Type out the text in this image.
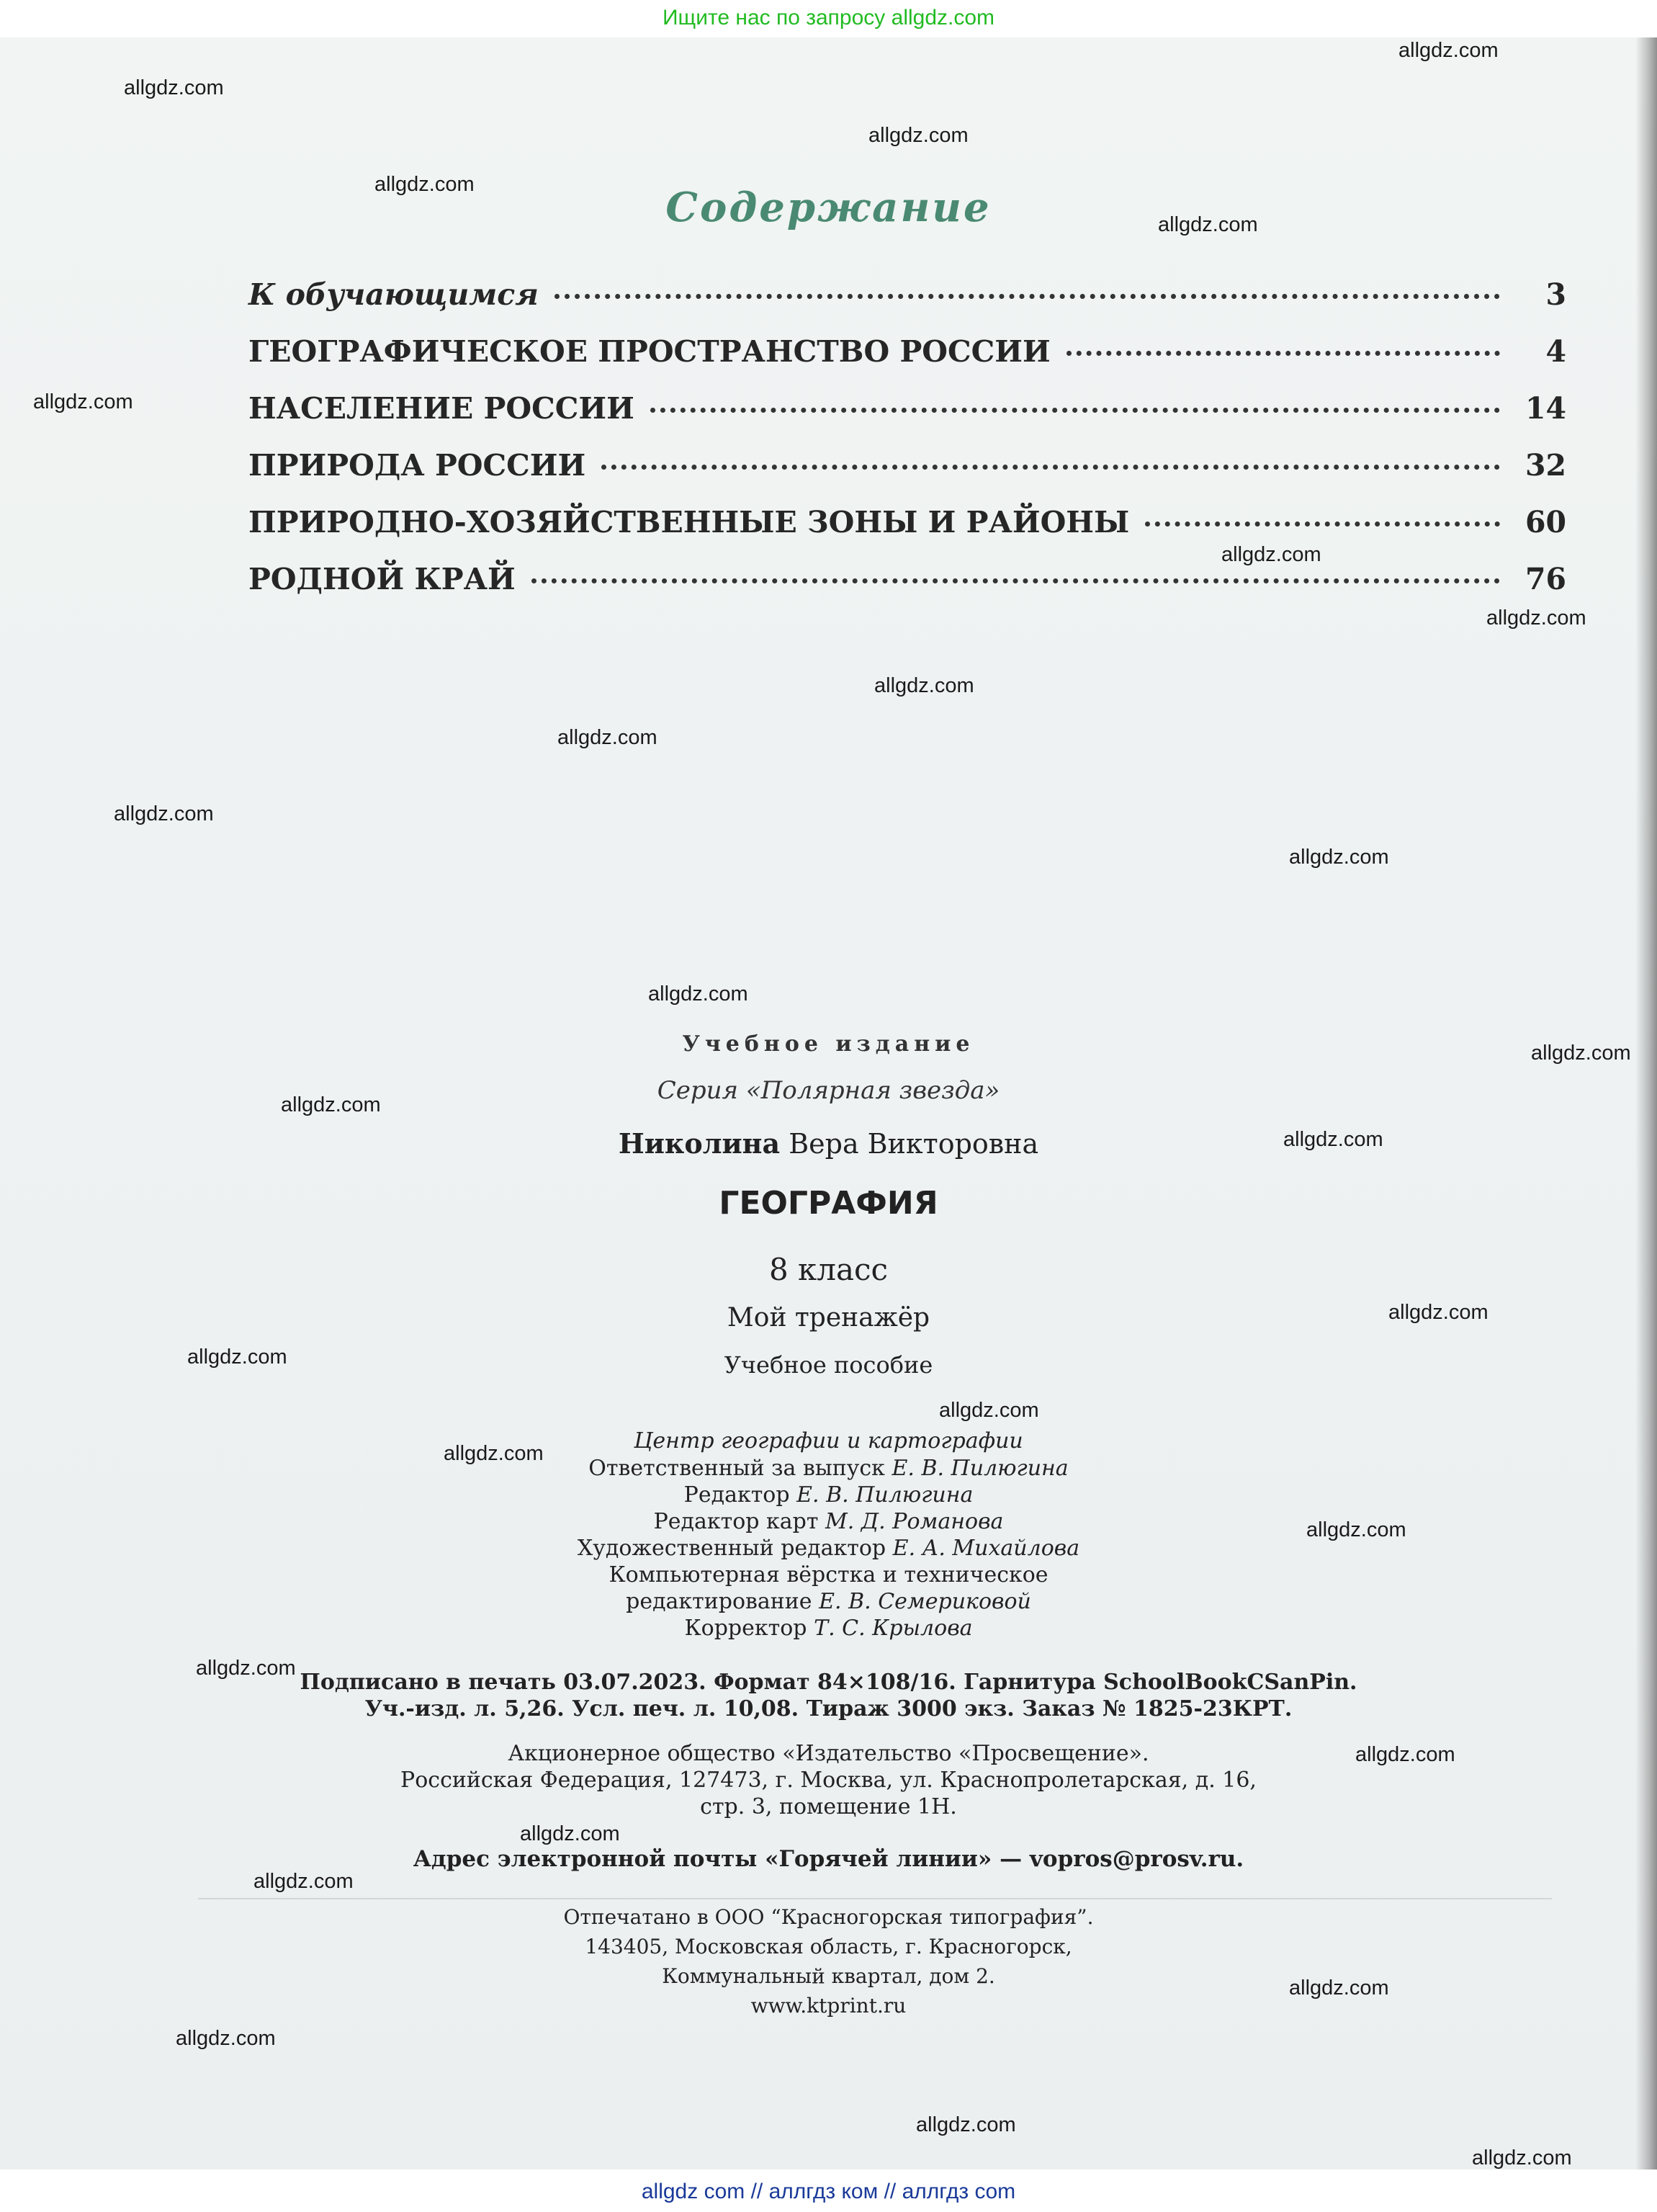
Ищите нас по запросу allgdz.com
Содержание
К обучающимся	3
ГЕОГРАФИЧЕСКОЕ ПРОСТРАНСТВО РОССИИ	4
НАСЕЛЕНИЕ РОССИИ	14
ПРИРОДА РОССИИ	32
ПРИРОДНО-ХОЗЯЙСТВЕННЫЕ ЗОНЫ И РАЙОНЫ	60
РОДНОЙ КРАЙ	76
Учебное издание
Серия «Полярная звезда»
Николина Вера Викторовна
ГЕОГРАФИЯ
8 класс
Мой тренажёр
Учебное пособие
Центр географии и картографии
Ответственный за выпуск Е. В. Пилюгина
Редактор Е. В. Пилюгина
Редактор карт М. Д. Романова
Художественный редактор Е. А. Михайлова
Компьютерная вёрстка и техническое
редактирование Е. В. Семериковой
Корректор Т. С. Крылова
Подписано в печать 03.07.2023. Формат 84×108/16. Гарнитура SchoolBookCSanPin.
Уч.-изд. л. 5,26. Усл. печ. л. 10,08. Тираж 3000 экз. Заказ № 1825-23КРТ.
Акционерное общество «Издательство «Просвещение».
Российская Федерация, 127473, г. Москва, ул. Краснопролетарская, д. 16,
стр. 3, помещение 1Н.
Адрес электронной почты «Горячей линии» — vopros@prosv.ru.
Отпечатано в ООО “Красногорская типография”.
143405, Московская область, г. Красногорск,
Коммунальный квартал, дом 2.
www.ktprint.ru
allgdz.com
allgdz.com
allgdz.com
allgdz.com
allgdz.com
allgdz.com
allgdz.com
allgdz.com
allgdz.com
allgdz.com
allgdz.com
allgdz.com
allgdz.com
allgdz.com
allgdz.com
allgdz.com
allgdz.com
allgdz.com
allgdz.com
allgdz.com
allgdz.com
allgdz.com
allgdz.com
allgdz.com
allgdz.com
allgdz.com
allgdz.com
allgdz.com
allgdz.com
allgdz com // аллгдз ком // аллгдз com
